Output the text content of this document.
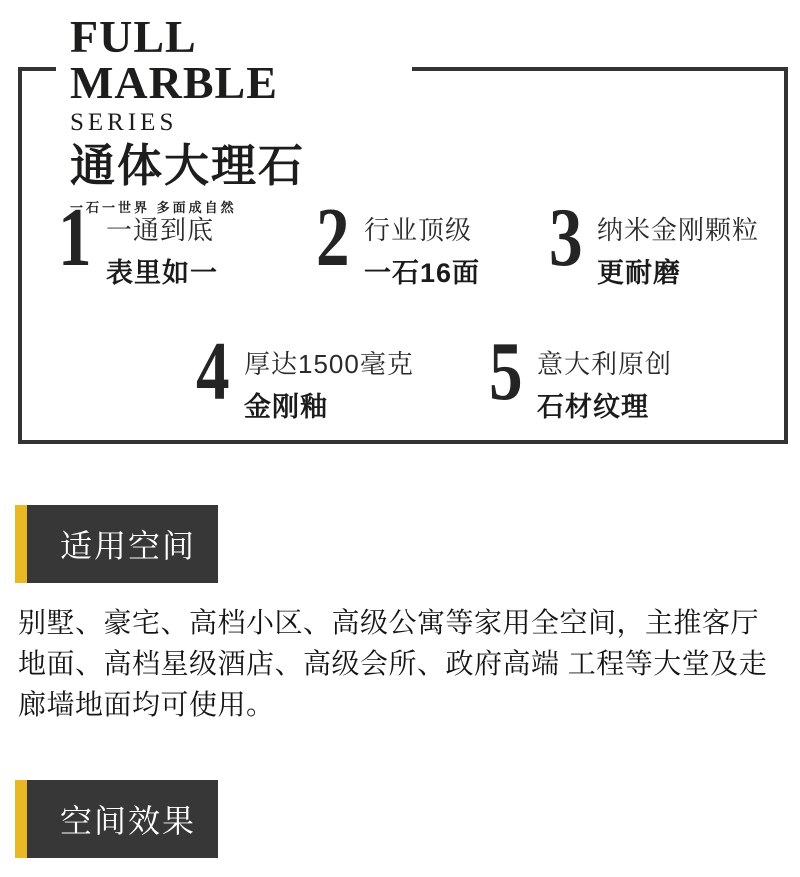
FULL MARBLE
SERIES
通体大理石
一石一世界 多面成自然
1 一通到底
表里如一 2 行业顶级
一石16面 3 纳米金刚颗粒
更耐磨
4 厚达1500毫克
金刚釉	5 意大利原创
石材纹理
适用空间

别墅、豪宅、高档小区、高级公寓等家用全空间，主推客厅地面、高档星级酒店、高级会所、政府高端 工程等大堂及走廊墙地面均可使用。

空间效果
